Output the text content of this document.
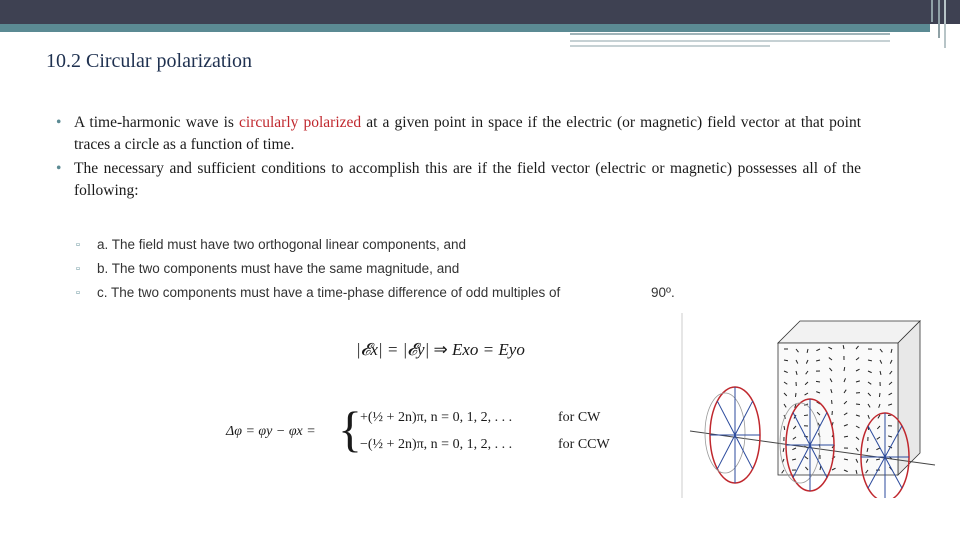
10.2 Circular polarization
• A time-harmonic wave is circularly polarized at a given point in space if the electric (or magnetic) field vector at that point traces a circle as a function of time.
• The necessary and sufficient conditions to accomplish this are if the field vector (electric or magnetic) possesses all of the following:
▫ a. The field must have two orthogonal linear components, and
▫ b. The two components must have the same magnitude, and
▫ c. The two components must have a time-phase difference of odd multiples of	90º.
|𝓔x| = |𝓔y| ⇒ Exo = Eyo
Δφ = φy − φx = {
+(½ + 2n)π, n = 0, 1, 2, . . .	for CW
−(½ + 2n)π, n = 0, 1, 2, . . .	for CCW
